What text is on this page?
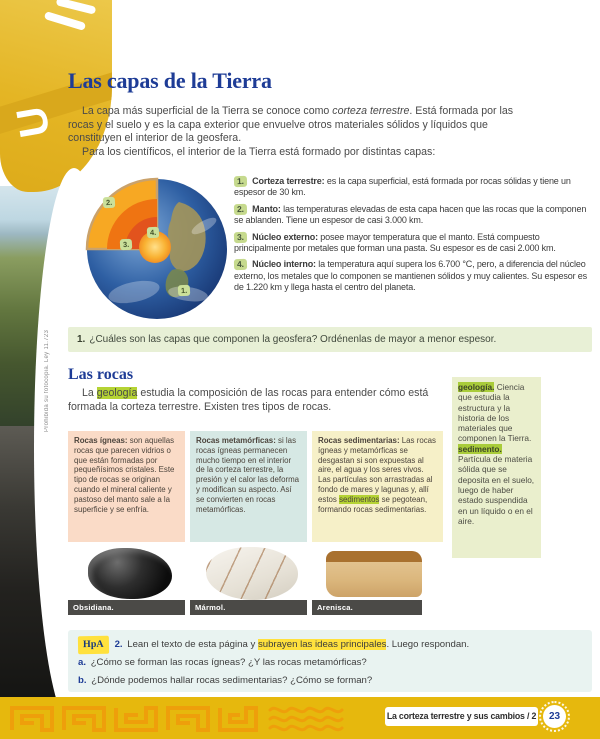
U
Prohibida su fotocopia. Ley 11.723
Las capas de la Tierra

La capa más superficial de la Tierra se conoce como corteza terrestre. Está formada por las rocas y el suelo y es la capa exterior que envuelve otros materiales sólidos y líquidos que constituyen el interior de la geosfera.

Para los científicos, el interior de la Tierra está formado por distintas capas:

2.
3.
4.
1.
1. Corteza terrestre: es la capa superficial, está formada por rocas sólidas y tiene un espesor de 30 km.
2. Manto: las temperaturas elevadas de esta capa hacen que las rocas que la componen se ablanden. Tiene un espesor de casi 3.000 km.
3. Núcleo externo: posee mayor temperatura que el manto. Está compuesto principalmente por metales que forman una pasta. Su espesor es de casi 2.000 km.
4. Núcleo interno: la temperatura aquí supera los 6.700 °C, pero, a diferencia del núcleo externo, los metales que lo componen se mantienen sólidos y muy calientes. Su espesor es de 1.220 km y llega hasta el centro del planeta.
1. ¿Cuáles son las capas que componen la geosfera? Ordénenlas de mayor a menor espesor.
Las rocas

La geología estudia la composición de las rocas para entender cómo está formada la corteza terrestre. Existen tres tipos de rocas.

geología. Ciencia que estudia la estructura y la historia de los materiales que componen la Tierra.
sedimento. Partícula de materia sólida que se deposita en el suelo, luego de haber estado suspendida en un líquido o en el aire.
Rocas ígneas: son aquellas rocas que parecen vidrios o que están formadas por pequeñísimos cristales. Este tipo de rocas se originan cuando el mineral caliente y pastoso del manto sale a la superficie y se enfría.
Rocas metamórficas: si las rocas ígneas permanecen mucho tiempo en el interior de la corteza terrestre, la presión y el calor las deforma y modifican su aspecto. Así se convierten en rocas metamórficas.
Rocas sedimentarias: Las rocas ígneas y metamórficas se desgastan si son expuestas al aire, el agua y los seres vivos. Las partículas son arrastradas al fondo de mares y lagunas y, allí estos sedimentos se pegotean, formando rocas sedimentarias.
Obsidiana.	Mármol.	Arenisca.
HpA 2. Lean el texto de esta página y subrayen las ideas principales. Luego respondan.
a. ¿Cómo se forman las rocas ígneas? ¿Y las rocas metamórficas?
b. ¿Dónde podemos hallar rocas sedimentarias? ¿Cómo se forman?
La corteza terrestre y sus cambios / 2	23
